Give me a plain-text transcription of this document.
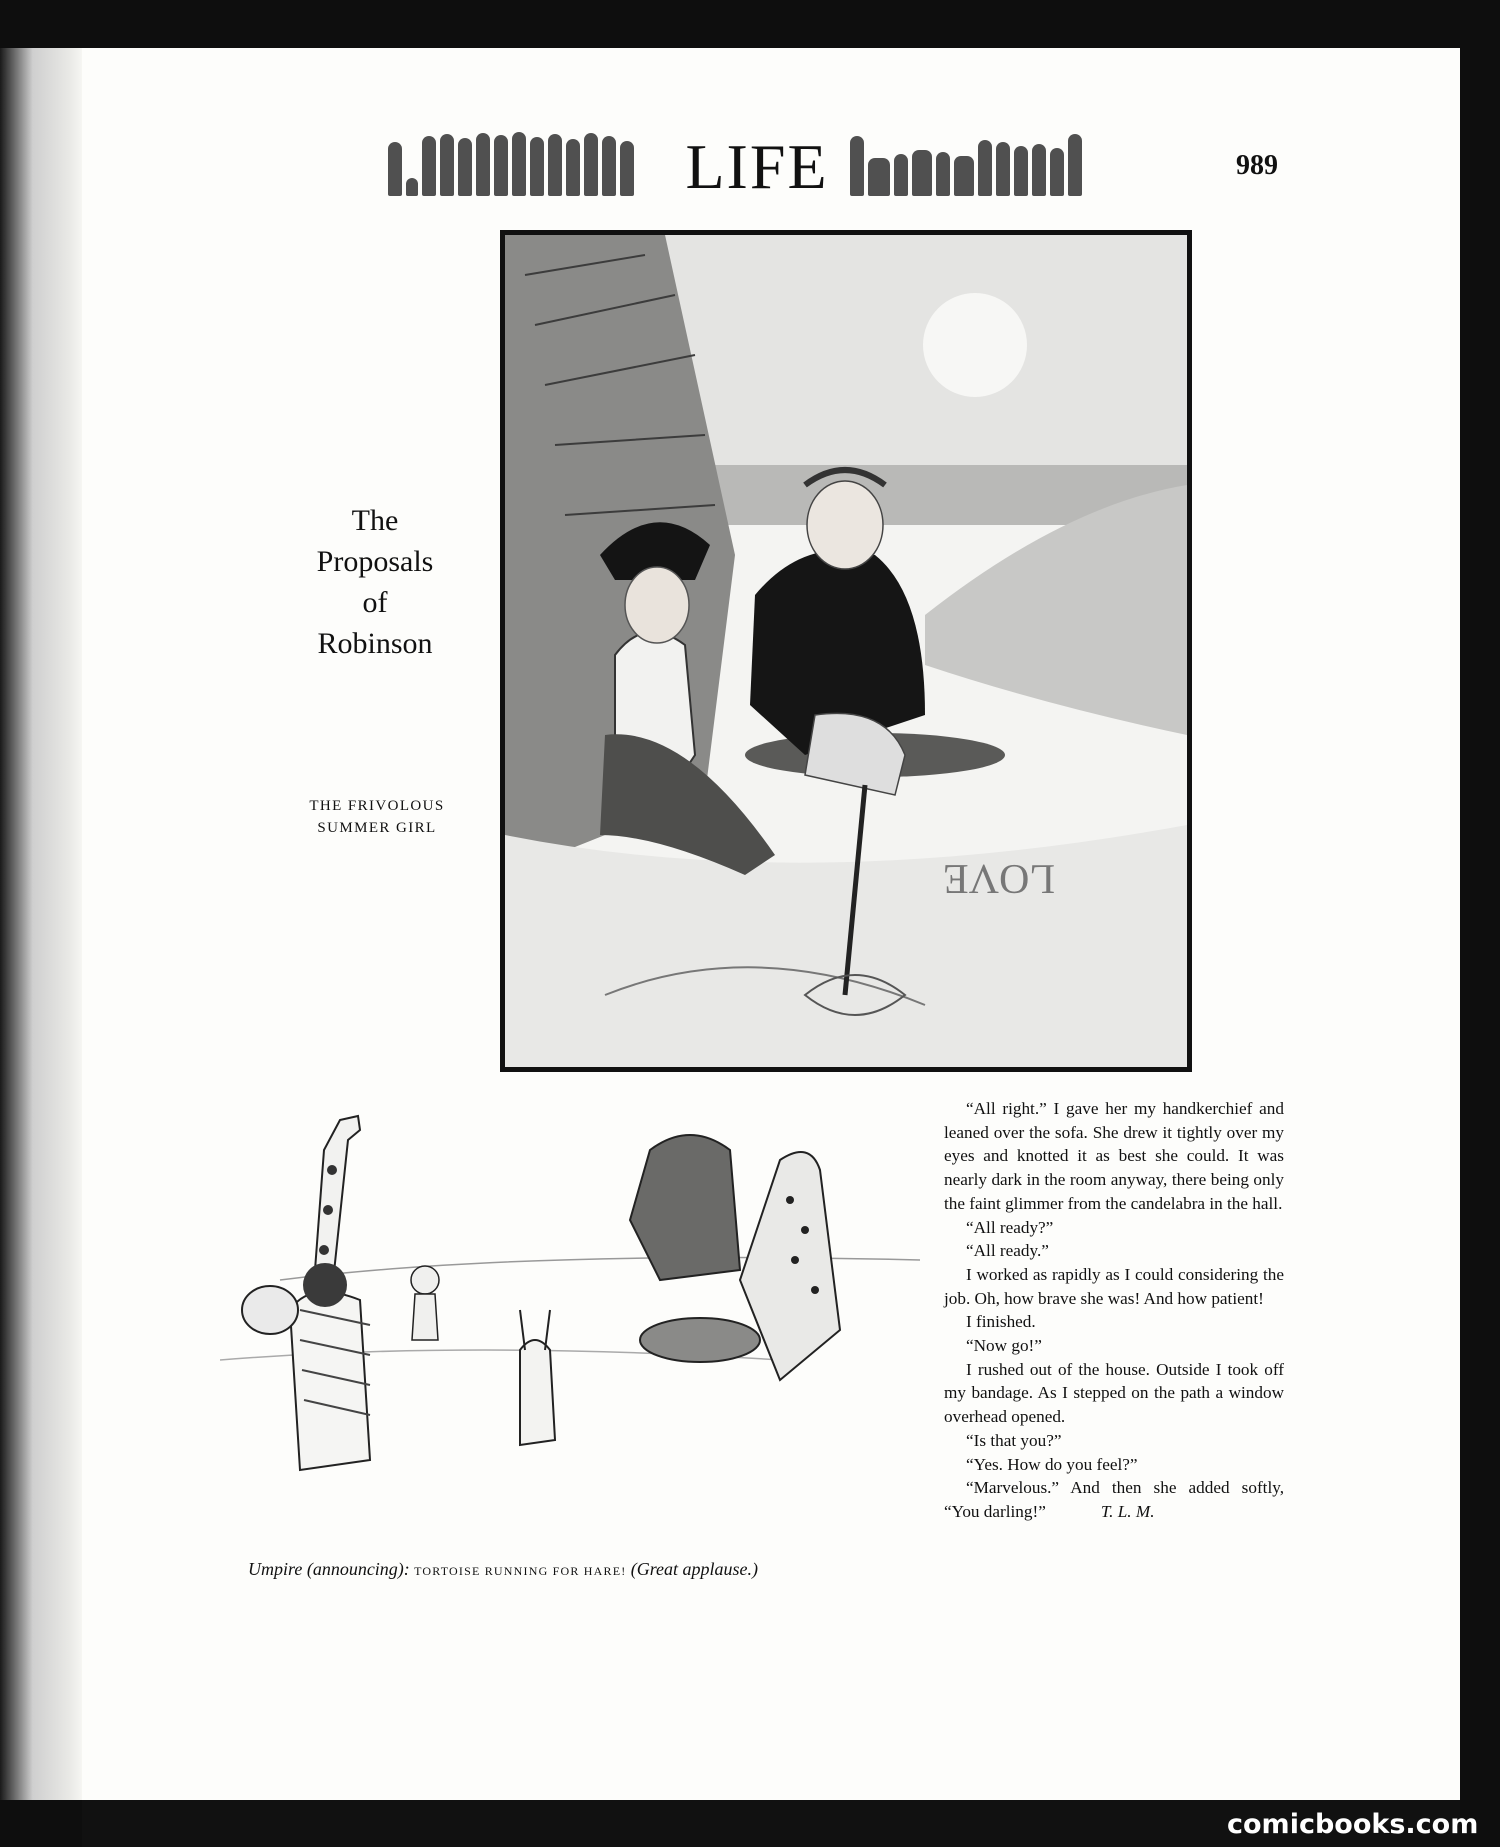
LIFE	989
LOVE
The
Proposals
of
Robinson
THE FRIVOLOUS
SUMMER GIRL
Umpire (announcing): TORTOISE RUNNING FOR HARE! (Great applause.)

“All right.” I gave her my handkerchief and leaned over the sofa. She drew it tightly over my eyes and knotted it as best she could. It was nearly dark in the room anyway, there being only the faint glimmer from the candelabra in the hall.

“All ready?”

“All ready.”

I worked as rapidly as I could considering the job. Oh, how brave she was! And how patient!

I finished.

“Now go!”

I rushed out of the house. Outside I took off my bandage. As I stepped on the path a window overhead opened.

“Is that you?”

“Yes. How do you feel?”

“Marvelous.” And then she added softly, “You darling!”	T. L. M.

comicbooks.com
